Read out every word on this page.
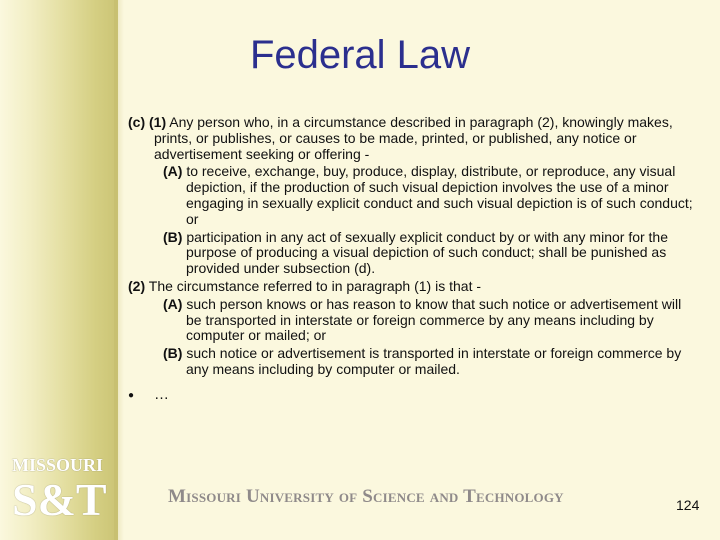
Federal Law

(c) (1) Any person who, in a circumstance described in paragraph (2), knowingly makes, prints, or publishes, or causes to be made, printed, or published, any notice or advertisement seeking or offering -

(A) to receive, exchange, buy, produce, display, distribute, or reproduce, any visual depiction, if the production of such visual depiction involves the use of a minor engaging in sexually explicit conduct and such visual depiction is of such conduct; or

(B) participation in any act of sexually explicit conduct by or with any minor for the purpose of producing a visual depiction of such conduct; shall be punished as provided under subsection (d).

(2) The circumstance referred to in paragraph (1) is that -

(A) such person knows or has reason to know that such notice or advertisement will be transported in interstate or foreign commerce by any means including by computer or mailed; or

(B) such notice or advertisement is transported in interstate or foreign commerce by any means including by computer or mailed.

● …
MISSOURI
S&T	Missouri University of Science and Technology	124
